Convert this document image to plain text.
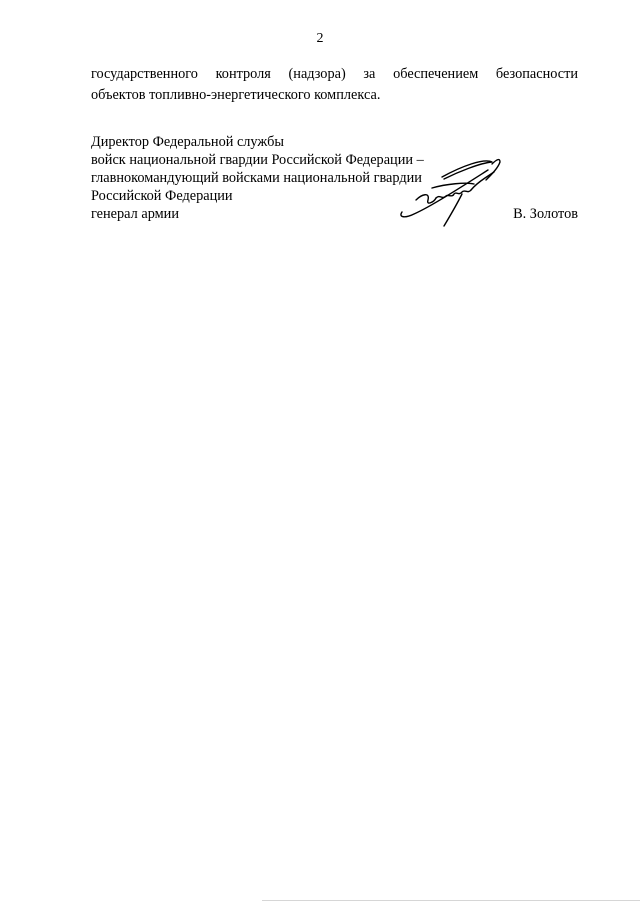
2
государственного контроля (надзора) за обеспечением безопасности
объектов топливно-энергетического комплекса.
Директор Федеральной службы
войск национальной гвардии Российской Федерации –
главнокомандующий войсками национальной гвардии
Российской Федерации
генерал армии	В. Золотов
